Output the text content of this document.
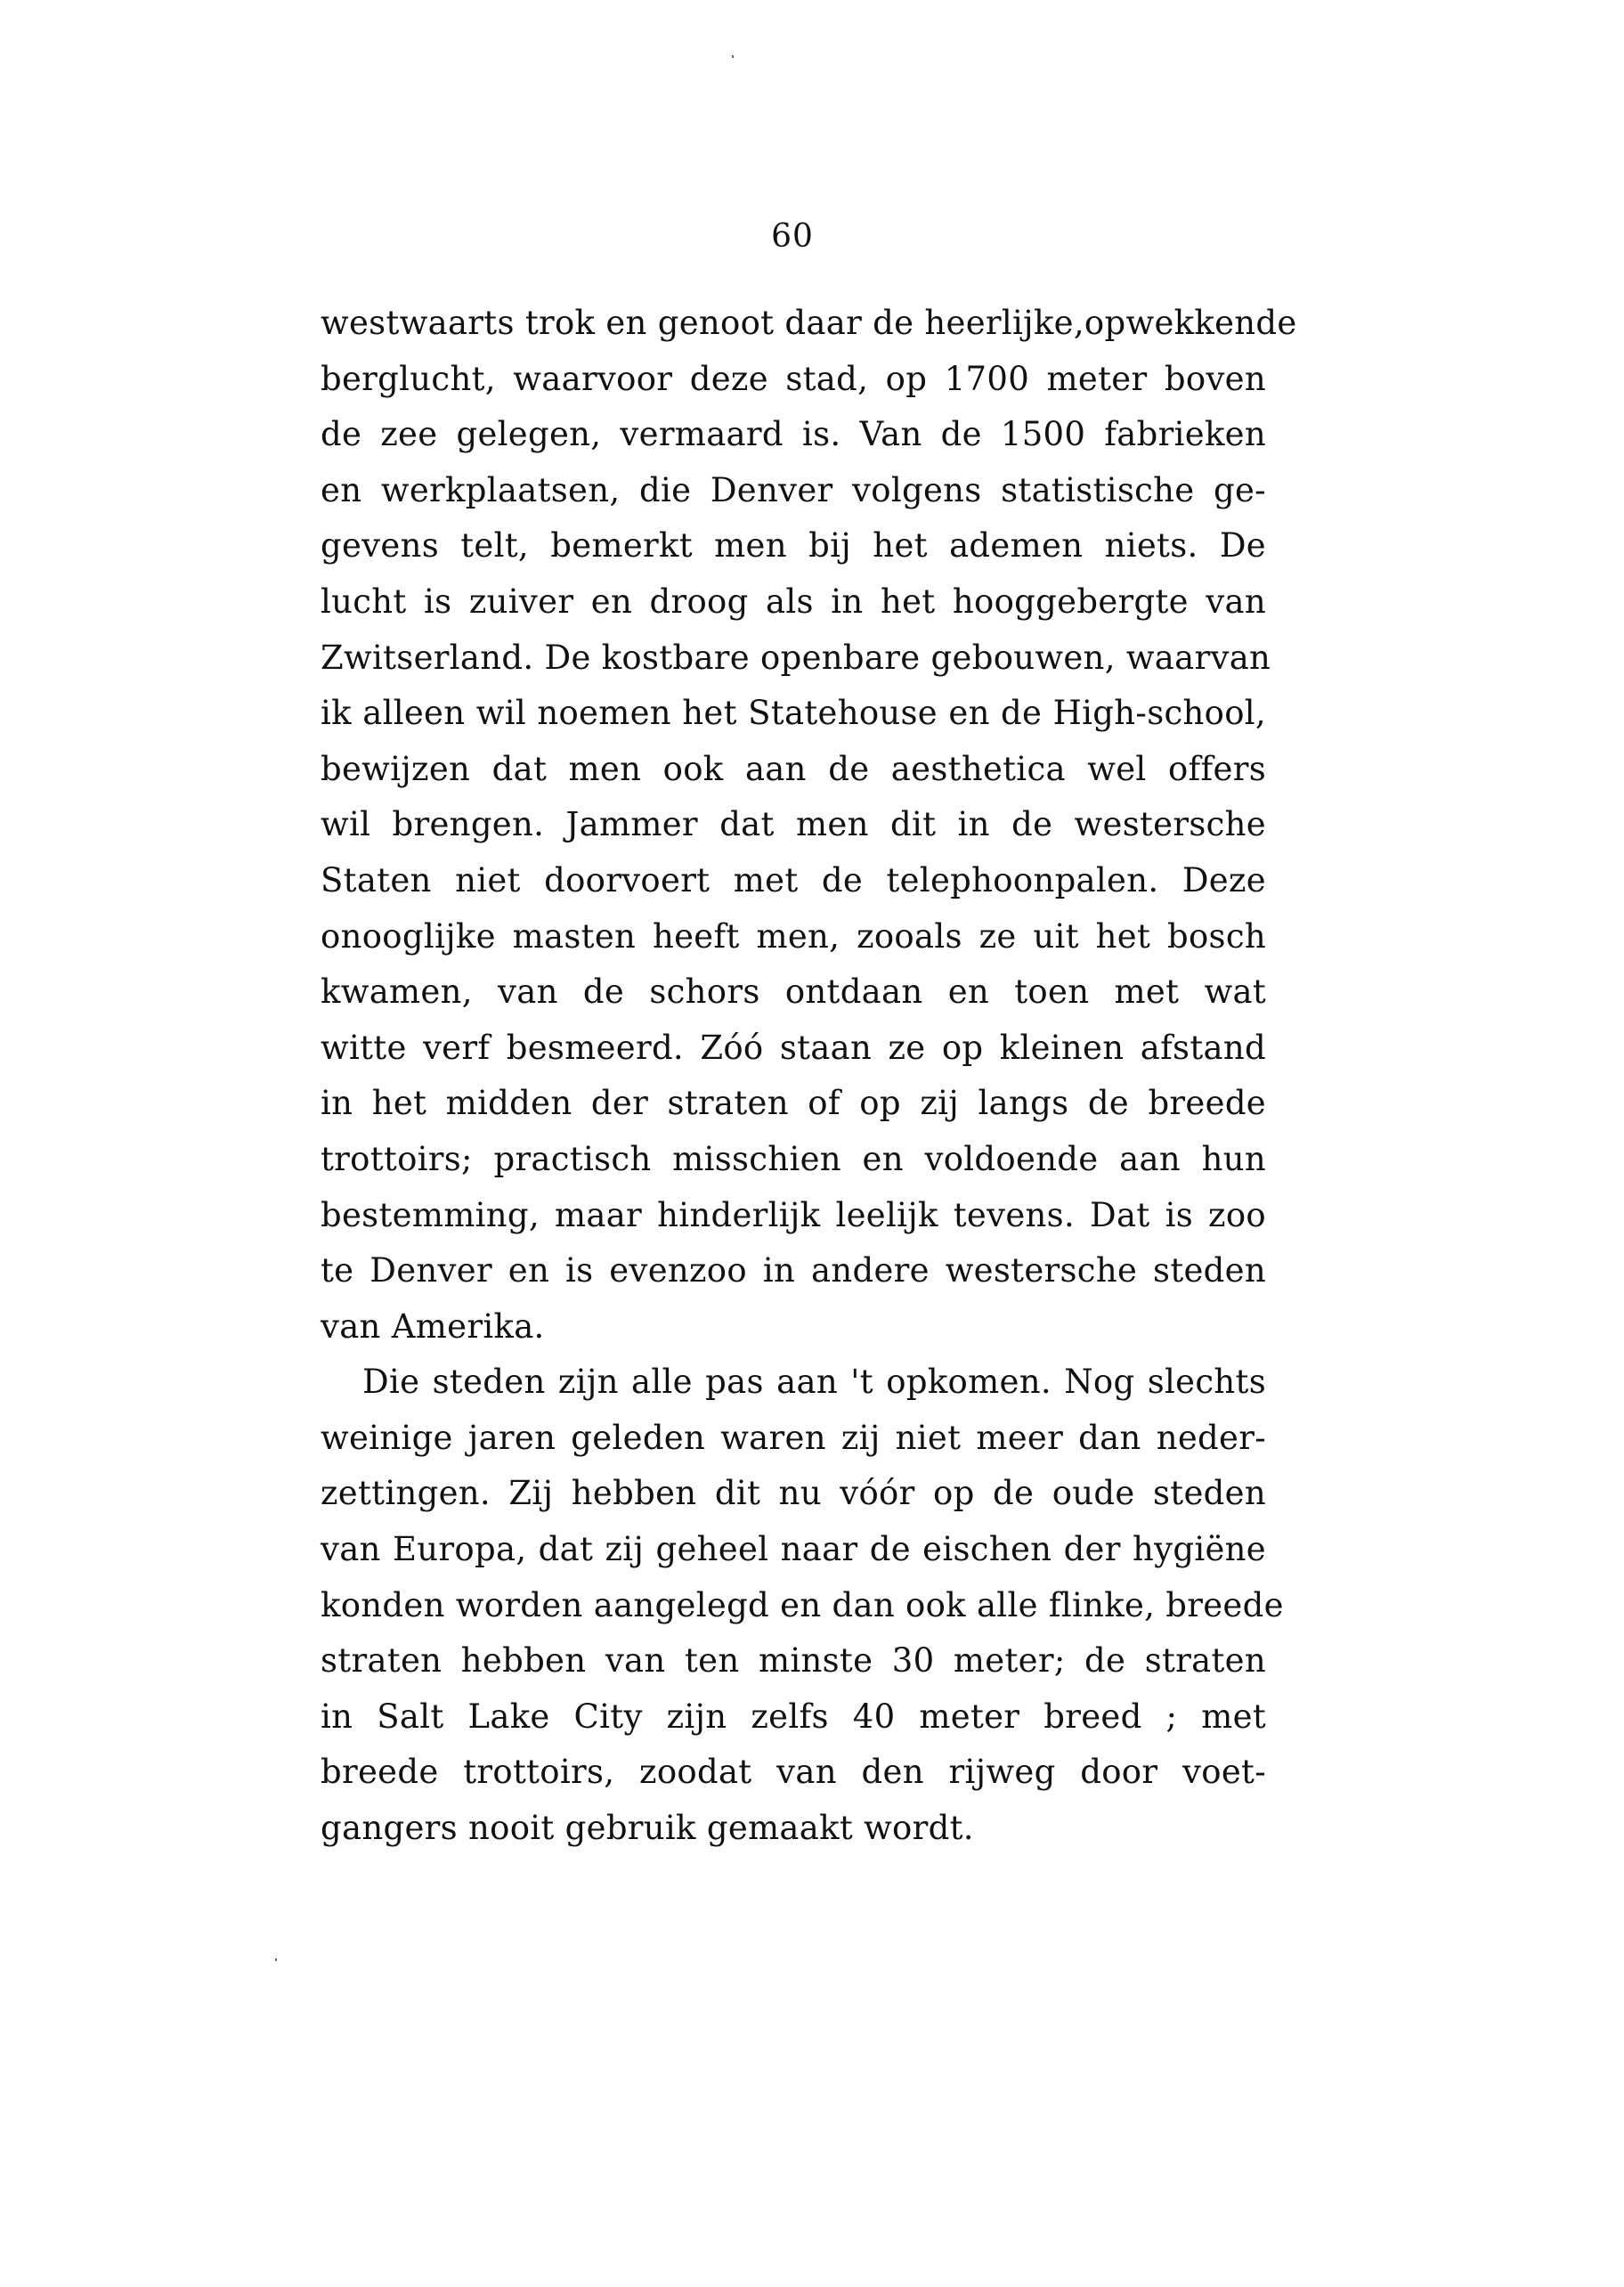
60
westwaarts trok en genoot daar de heerlijke,opwekkende
berglucht, waarvoor deze stad, op 1700 meter boven
de zee gelegen, vermaard is. Van de 1500 fabrieken
en werkplaatsen, die Denver volgens statistische ge-
gevens telt, bemerkt men bij het ademen niets. De
lucht is zuiver en droog als in het hooggebergte van
Zwitserland. De kostbare openbare gebouwen, waarvan
ik alleen wil noemen het Statehouse en de High-school,
bewijzen dat men ook aan de aesthetica wel offers
wil brengen. Jammer dat men dit in de westersche
Staten niet doorvoert met de telephoonpalen. Deze
onooglijke masten heeft men, zooals ze uit het bosch
kwamen, van de schors ontdaan en toen met wat
witte verf besmeerd. Zóó staan ze op kleinen afstand
in het midden der straten of op zij langs de breede
trottoirs; practisch misschien en voldoende aan hun
bestemming, maar hinderlijk leelijk tevens. Dat is zoo
te Denver en is evenzoo in andere westersche steden
van Amerika.
Die steden zijn alle pas aan 't opkomen. Nog slechts
weinige jaren geleden waren zij niet meer dan neder-
zettingen. Zij hebben dit nu vóór op de oude steden
van Europa, dat zij geheel naar de eischen der hygiëne
konden worden aangelegd en dan ook alle flinke, breede
straten hebben van ten minste 30 meter; de straten
in Salt Lake City zijn zelfs 40 meter breed ; met
breede trottoirs, zoodat van den rijweg door voet-
gangers nooit gebruik gemaakt wordt.
